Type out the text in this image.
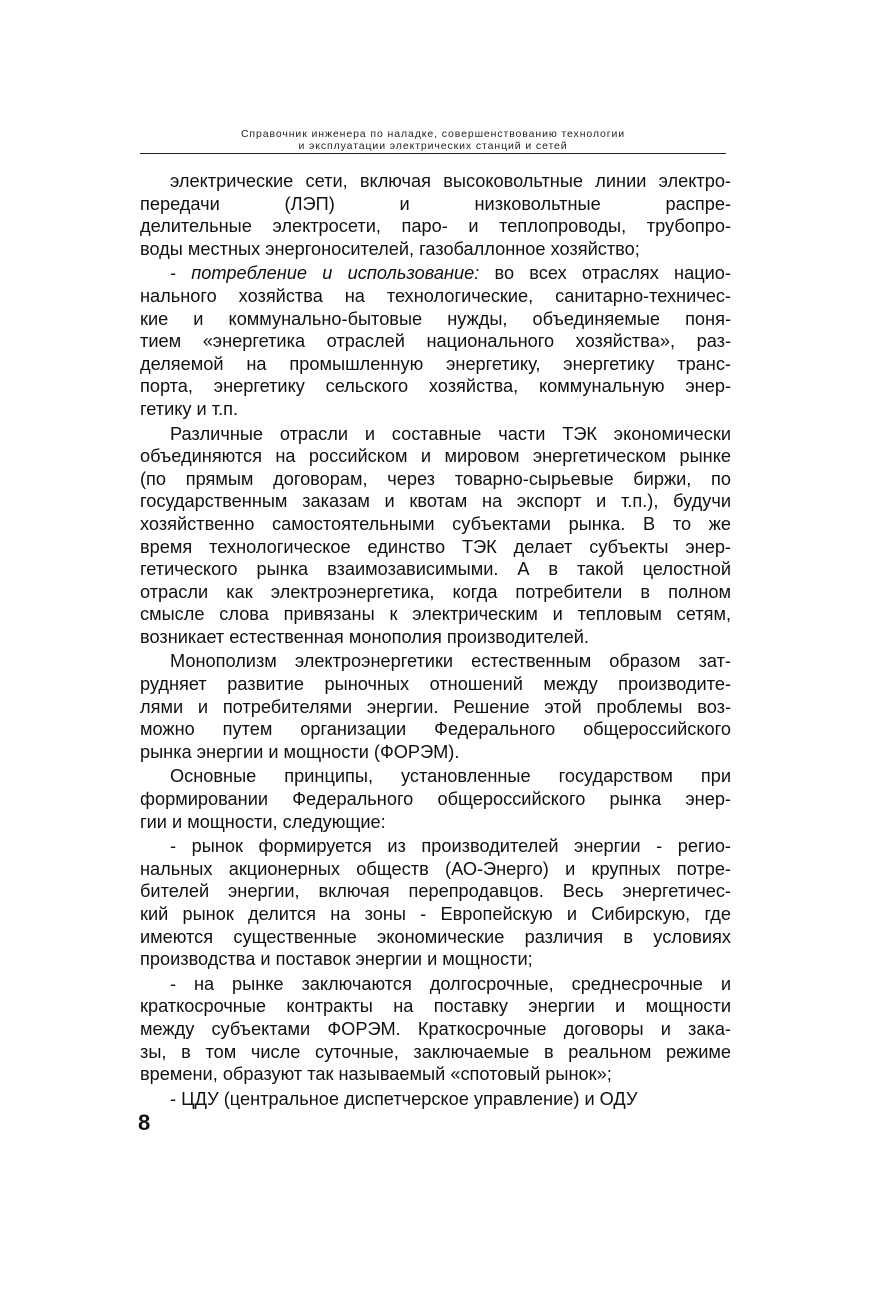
Справочник инженера по наладке, совершенствованию технологии
и эксплуатации электрических станций и сетей
электрические сети, включая высоковольтные линии электро-
передачи (ЛЭП) и низковольтные распре-
делительные электросети, паро- и теплопроводы, трубопро-
воды местных энергоносителей, газобаллонное хозяйство;
- потребление и использование: во всех отраслях нацио-
нального хозяйства на технологические, санитарно-техничес-
кие и коммунально-бытовые нужды, объединяемые поня-
тием «энергетика отраслей национального хозяйства», раз-
деляемой на промышленную энергетику, энергетику транс-
порта, энергетику сельского хозяйства, коммунальную энер-
гетику и т.п.
Различные отрасли и составные части ТЭК экономически
объединяются на российском и мировом энергетическом рынке
(по прямым договорам, через товарно-сырьевые биржи, по
государственным заказам и квотам на экспорт и т.п.), будучи
хозяйственно самостоятельными субъектами рынка. В то же
время технологическое единство ТЭК делает субъекты энер-
гетического рынка взаимозависимыми. А в такой целостной
отрасли как электроэнергетика, когда потребители в полном
смысле слова привязаны к электрическим и тепловым сетям,
возникает естественная монополия производителей.
Монополизм электроэнергетики естественным образом зат-
рудняет развитие рыночных отношений между производите-
лями и потребителями энергии. Решение этой проблемы воз-
можно путем организации Федерального общероссийского
рынка энергии и мощности (ФОРЭМ).
Основные принципы, установленные государством при
формировании Федерального общероссийского рынка энер-
гии и мощности, следующие:
- рынок формируется из производителей энергии - регио-
нальных акционерных обществ (АО-Энерго) и крупных потре-
бителей энергии, включая перепродавцов. Весь энергетичес-
кий рынок делится на зоны - Европейскую и Сибирскую, где
имеются существенные экономические различия в условиях
производства и поставок энергии и мощности;
- на рынке заключаются долгосрочные, среднесрочные и
краткосрочные контракты на поставку энергии и мощности
между субъектами ФОРЭМ. Краткосрочные договоры и зака-
зы, в том числе суточные, заключаемые в реальном режиме
времени, образуют так называемый «спотовый рынок»;
- ЦДУ (центральное диспетчерское управление) и ОДУ
8
